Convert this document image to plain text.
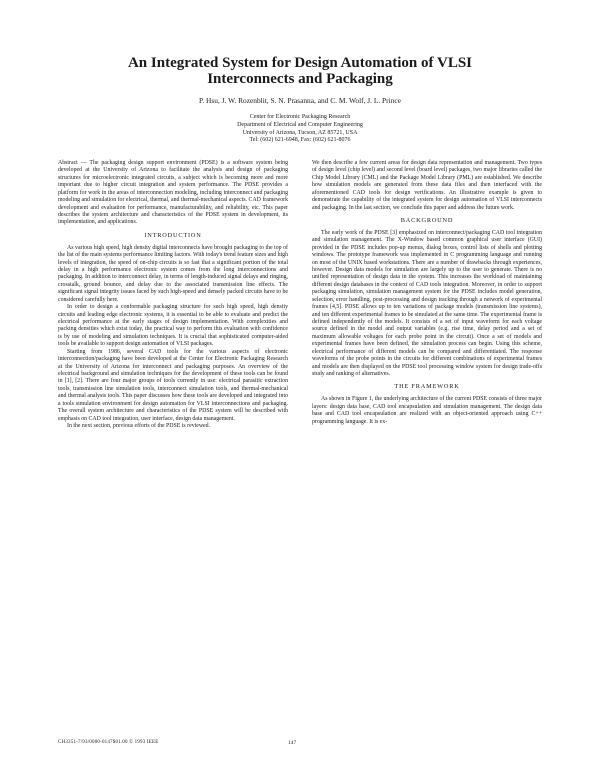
An Integrated System for Design Automation of VLSI
Interconnects and Packaging

P. Hsu, J. W. Rozenblit, S. N. Prasanna, and C. M. Wolf, J. L. Prince

Center for Electronic Packaging Research
Department of Electrical and Computer Engineering
University of Arizona, Tucson, AZ 85721, USA
Tel: (602) 621-6948, Fax: (602) 621-8076

Abstract — The packaging design support environment (PDSE) is a software system being developed at the University of Arizona to facilitate the analysis and design of packaging structures for microelectronic integrated circuits, a subject which is becoming more and more important due to higher circuit integration and system performance. The PDSE provides a platform for work in the areas of interconnection modeling, including interconnect and packaging modeling and simulation for electrical, thermal, and thermal-mechanical aspects. CAD framework development and evaluation for performance, manufacturability, and reliability, etc. This paper describes the system architecture and characteristics of the PDSE system in development, its implementation, and applications.

INTRODUCTION

As various high speed, high density digital interconnects have brought packaging to the top of the list of the main systems performance limiting factors. With today's trend feature sizes and high levels of integration, the speed of on-chip circuits is so fast that a significant portion of the total delay in a high performance electronic system comes from the long interconnections and packaging. In addition to interconnect delay, in terms of length-induced signal delays and ringing, crosstalk, ground bounce, and delay due to the associated transmission line effects. The significant signal integrity issues faced by such high-speed and densely packed circuits have to be considered carefully here.

In order to design a conformable packaging structure for such high speed, high density circuits and leading edge electronic systems, it is essential to be able to evaluate and predict the electrical performance at the early stages of design implementation. With complexities and packing densities which exist today, the practical way to perform this evaluation with confidence is by use of modeling and simulation techniques. It is crucial that sophisticated computer-aided tools be available to support design automation of VLSI packages.

Starting from 1986, several CAD tools for the various aspects of electronic interconnection/packaging have been developed at the Center for Electronic Packaging Research at the University of Arizona for interconnect and packaging purposes. An overview of the electrical background and simulation techniques for the development of these tools can be found in [1], [2]. There are four major groups of tools currently in use: electrical parasitic extraction tools, transmission line simulation tools, interconnect simulation tools, and thermal-mechanical and thermal analysis tools. This paper discusses how these tools are developed and integrated into a tools simulation environment for design automation for VLSI interconnections and packaging. The overall system architecture and characteristics of the PDSE system will be described with emphasis on CAD tool integration, user interface, design data management.

In the next section, previous efforts of the PDSE is reviewed.

We then describe a few current areas for design data representation and management. Two types of design level (chip level) and second level (board level) packages, two major libraries called the Chip Model Library (CML) and the Package Model Library (PML) are established. We describe how simulation models are generated from these data files and then interfaced with the aforementioned CAD tools for design verifications. An illustrative example is given to demonstrate the capability of the integrated system for design automation of VLSI interconnects and packaging. In the last section, we conclude this paper and address the future work.

BACKGROUND

The early work of the PDSE [3] emphasized on interconnect/packaging CAD tool integration and simulation management. The X-Window based common graphical user interface (GUI) provided in the PDSE includes pop-up menus, dialog boxes, control lists of shells and plotting windows. The prototype framework was implemented in C programming language and running on most of the UNIX based workstations. There are a number of drawbacks through experiences, however. Design data models for simulation are largely up to the user to generate. There is no unified representation of design data in the system. This increases the workload of maintaining different design databases in the context of CAD tools integration. Moreover, in order to support packaging simulation, simulation management system for the PDSE includes model generation, selection, error handling, post-processing and design tracking through a network of experimental frames [4,5]. PDSE allows up to ten variations of package models (transmission line systems), and ten different experimental frames to be simulated at the same time. The experimental frame is defined independently of the models. It consists of a set of input waveform for each voltage source defined in the model and output variables (e.g. rise time, delay period and a set of maximum allowable voltages for each probe point in the circuit). Once a set of models and experimental frames have been defined, the simulation process can begin. Using this scheme, electrical performance of different models can be compared and differentiated. The response waveforms of the probe points in the circuits for different combinations of experimental frames and models are then displayed on the PDSE tool processing window system for design trade-offs study and ranking of alternatives.

THE FRAMEWORK

As shown in Figure 1, the underlying architecture of the current PDSE consists of three major layers: design data base, CAD tool encapsulation and simulation management. The design data base and CAD tool encapsulation are realized with an object-oriented approach using C++ programming language. It is ex-

CH3351-7/93/0000-0147$01.00 © 1993 IEEE	147
